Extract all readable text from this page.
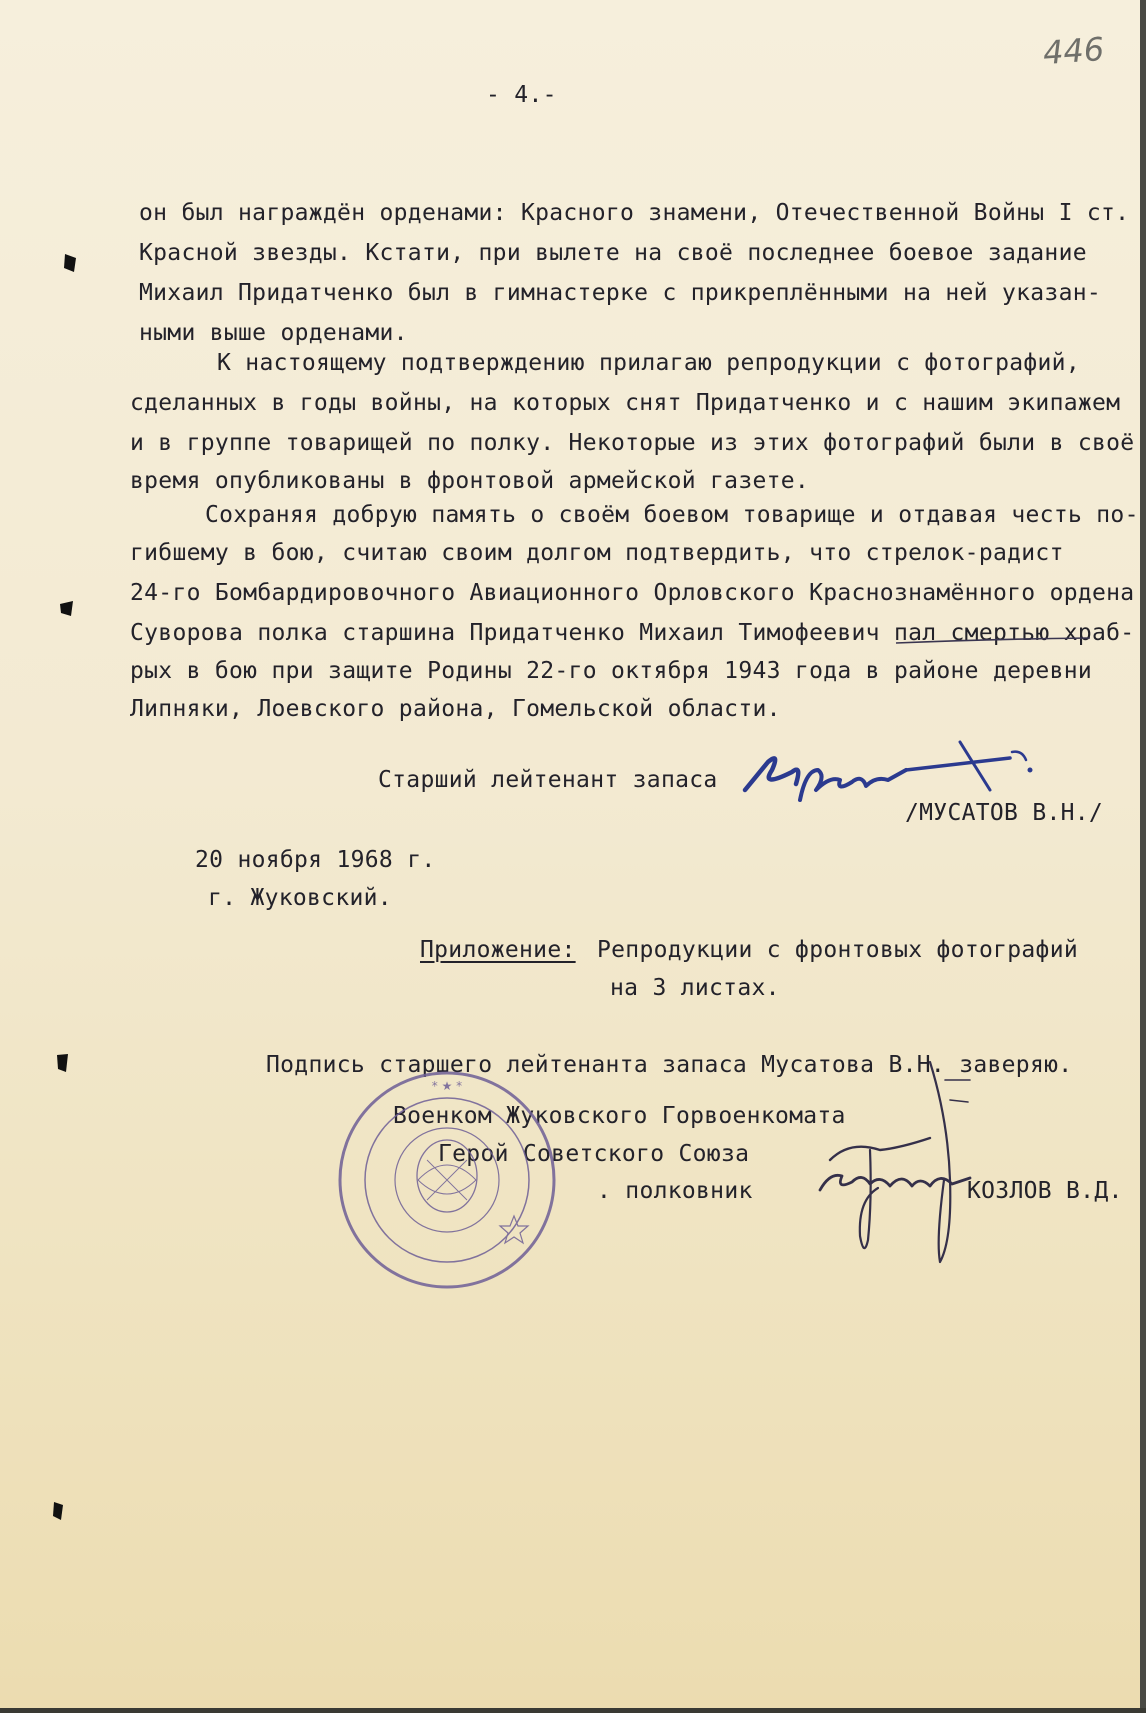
446
- 4.-
он был награждён орденами: Красного знамени, Отечественной Войны I ст.
Красной звезды. Кстати, при вылете на своё последнее боевое задание
Михаил Придатченко был в гимнастерке с прикреплёнными на ней указан-
ными выше орденами.
К настоящему подтверждению прилагаю репродукции с фотографий,
сделанных в годы войны, на которых снят Придатченко и с нашим экипажем
и в группе товарищей по полку. Некоторые из этих фотографий были в своё
время опубликованы в фронтовой армейской газете.
Сохраняя добрую память о своём боевом товарище и отдавая честь по-
гибшему в бою, считаю своим долгом подтвердить, что стрелок-радист
24-го Бомбардировочного Авиационного Орловского Краснознамённого ордена
Суворова полка старшина Придатченко Михаил Тимофеевич пал смертью храб-
рых в бою при защите Родины 22-го октября 1943 года в районе деревни
Липняки, Лоевского района, Гомельской области.
Старший лейтенант запаса
/МУСАТОВ В.Н./
20 ноября 1968 г.
г. Жуковский.
Приложение: Репродукции с фронтовых фотографий
на 3 листах.
Подпись старшего лейтенанта запаса Мусатова В.Н. заверяю.
Военком Жуковского Горвоенкомата
Герой Советского Союза
. полковник	КОЗЛОВ В.Д.
* ★ *
